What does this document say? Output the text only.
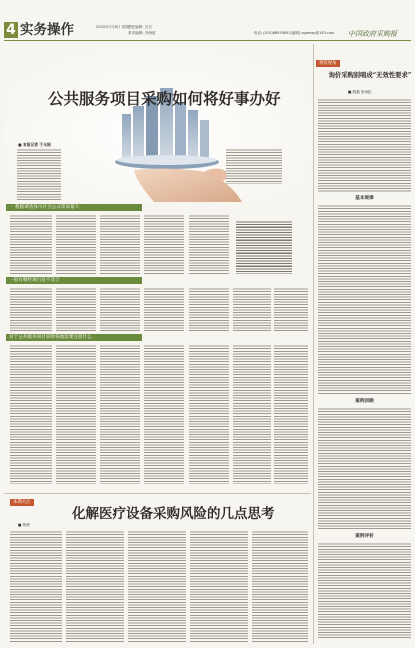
4 实务操作	2020年7月8日 星期三
责任编辑: 吕言
美术编辑: 齐海波	电话: (010)88930651(编辑) ogtoexp@163.com 中国政府采购报
公共服务项目采购如何将好事办好
■ 本报记者 于永刚
一 数据调查显示社会公众需求量大
一般有哪些项目是不适合
对于公共服务项目采购各地需要注意什么
观察视角
询价采购别唱成“无效性要求”
■ 殷鑫 张雨虹
基本规律
案例回顾
案例评析
本期关注
化解医疗设备采购风险的几点思考
■ 郭俊
